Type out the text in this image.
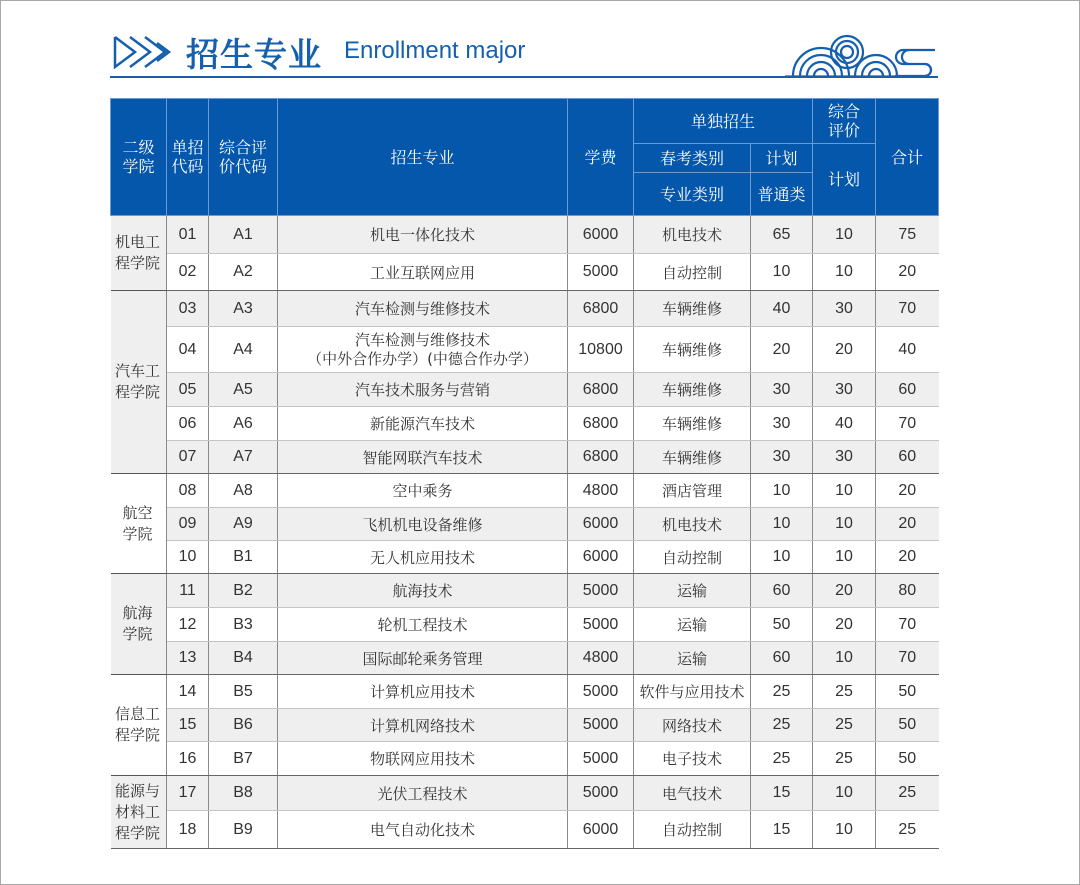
招生专业 Enrollment major
二级学院	单招代码	综合评价代码	招生专业	学费	单独招生		综合评价	合计
					春考类别	计划	计划	
					专业类别	普通类		

机电工程学院	01	A1	机电一体化技术	6000	机电技术	65	10	75
	02	A2	工业互联网应用	5000	自动控制	10	10	20

汽车工程学院	03	A3	汽车检测与维修技术	6800	车辆维修	40	30	70
	04	A4	汽车检测与维修技术
（中外合作办学）(中德合作办学）	10800	车辆维修	20	20	40
	05	A5	汽车技术服务与营销	6800	车辆维修	30	30	60
	06	A6	新能源汽车技术	6800	车辆维修	30	40	70
	07	A7	智能网联汽车技术	6800	车辆维修	30	30	60

航空学院	08	A8	空中乘务	4800	酒店管理	10	10	20
	09	A9	飞机机电设备维修	6000	机电技术	10	10	20
	10	B1	无人机应用技术	6000	自动控制	10	10	20

航海学院	11	B2	航海技术	5000	运输	60	20	80
	12	B3	轮机工程技术	5000	运输	50	20	70
	13	B4	国际邮轮乘务管理	4800	运输	60	10	70

信息工程学院	14	B5	计算机应用技术	5000	软件与应用技术	25	25	50
	15	B6	计算机网络技术	5000	网络技术	25	25	50
	16	B7	物联网应用技术	5000	电子技术	25	25	50

能源与材料工程学院	17	B8	光伏工程技术	5000	电气技术	15	10	25
	18	B9	电气自动化技术	6000	自动控制	15	10	25
